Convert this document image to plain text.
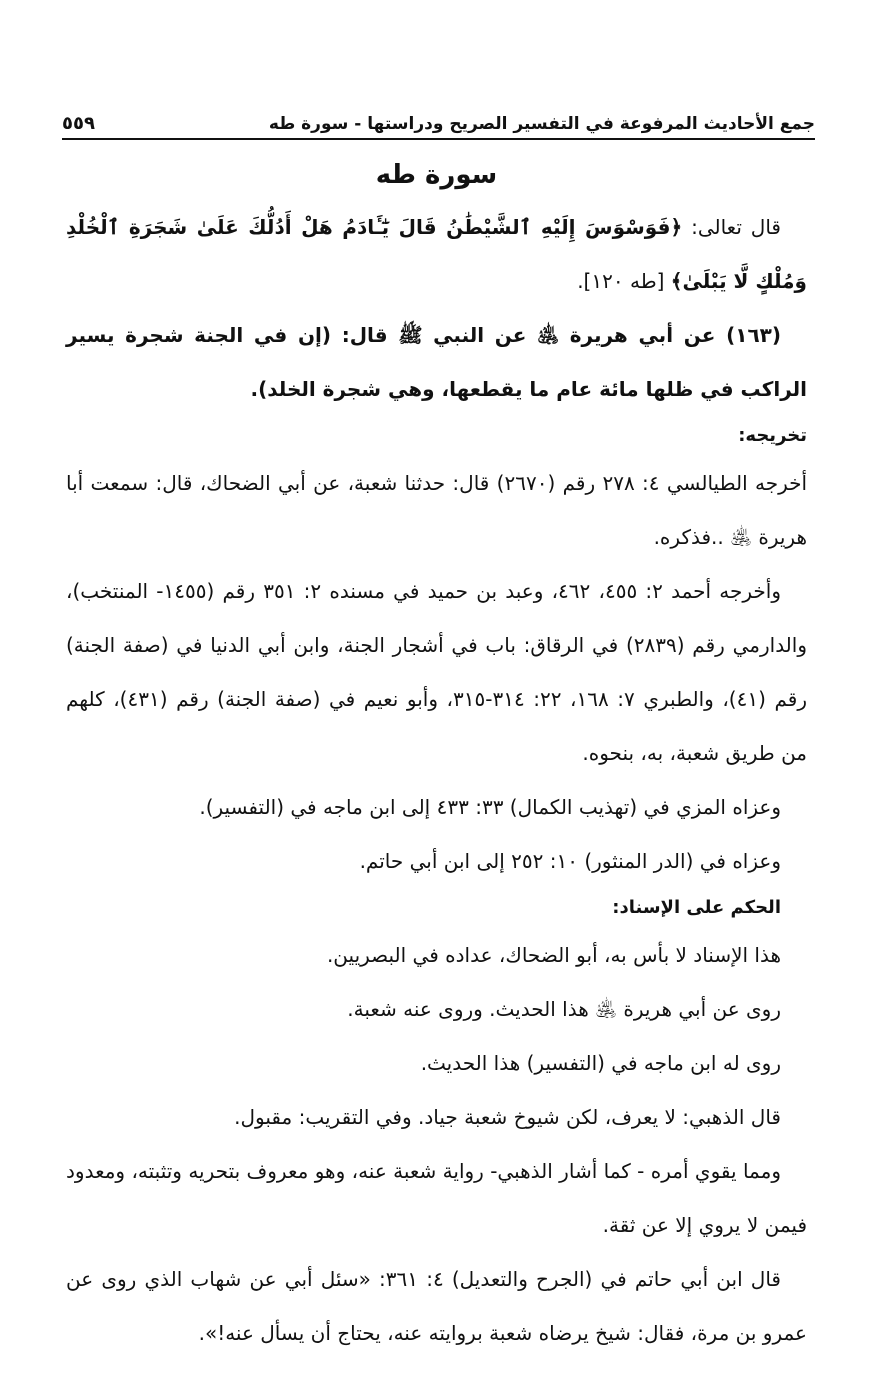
جمع الأحاديث المرفوعة في التفسير الصريح ودراستها - سورة طه
٥٥٩

سورة طه

قال تعالى: ﴿فَوَسْوَسَ إِلَيْهِ ٱلشَّيْطَٰنُ قَالَ يَٰٓـَٔادَمُ هَلْ أَدُلُّكَ عَلَىٰ شَجَرَةِ ٱلْخُلْدِ وَمُلْكٍ لَّا يَبْلَىٰ﴾ [طه ١٢٠].

(١٦٣) عن أبي هريرة ﵁ عن النبي ﷺ قال: (إن في الجنة شجرة يسير الراكب في ظلها مائة عام ما يقطعها، وهي شجرة الخلد).

تخريجه:

أخرجه الطيالسي ٤: ٢٧٨ رقم (٢٦٧٠) قال: حدثنا شعبة، عن أبي الضحاك، قال: سمعت أبا هريرة ﵁ ..فذكره.

وأخرجه أحمد ٢: ٤٥٥، ٤٦٢، وعبد بن حميد في مسنده ٢: ٣٥١ رقم (١٤٥٥- المنتخب)، والدارمي رقم (٢٨٣٩) في الرقاق: باب في أشجار الجنة، وابن أبي الدنيا في (صفة الجنة) رقم (٤١)، والطبري ٧: ١٦٨، ٢٢: ٣١٤-٣١٥، وأبو نعيم في (صفة الجنة) رقم (٤٣١)، كلهم من طريق شعبة، به، بنحوه.

وعزاه المزي في (تهذيب الكمال) ٣٣: ٤٣٣ إلى ابن ماجه في (التفسير).

وعزاه في (الدر المنثور) ١٠: ٢٥٢ إلى ابن أبي حاتم.

الحكم على الإسناد:

هذا الإسناد لا بأس به، أبو الضحاك، عداده في البصريين.

روى عن أبي هريرة ﵁ هذا الحديث. وروى عنه شعبة.

روى له ابن ماجه في (التفسير) هذا الحديث.

قال الذهبي: لا يعرف، لكن شيوخ شعبة جياد. وفي التقريب: مقبول.

ومما يقوي أمره - كما أشار الذهبي- رواية شعبة عنه، وهو معروف بتحريه وتثبته، ومعدود فيمن لا يروي إلا عن ثقة.

قال ابن أبي حاتم في (الجرح والتعديل) ٤: ٣٦١: «سئل أبي عن شهاب الذي روى عن عمرو بن مرة، فقال: شيخ يرضاه شعبة بروايته عنه، يحتاج أن يسأل عنه!».
